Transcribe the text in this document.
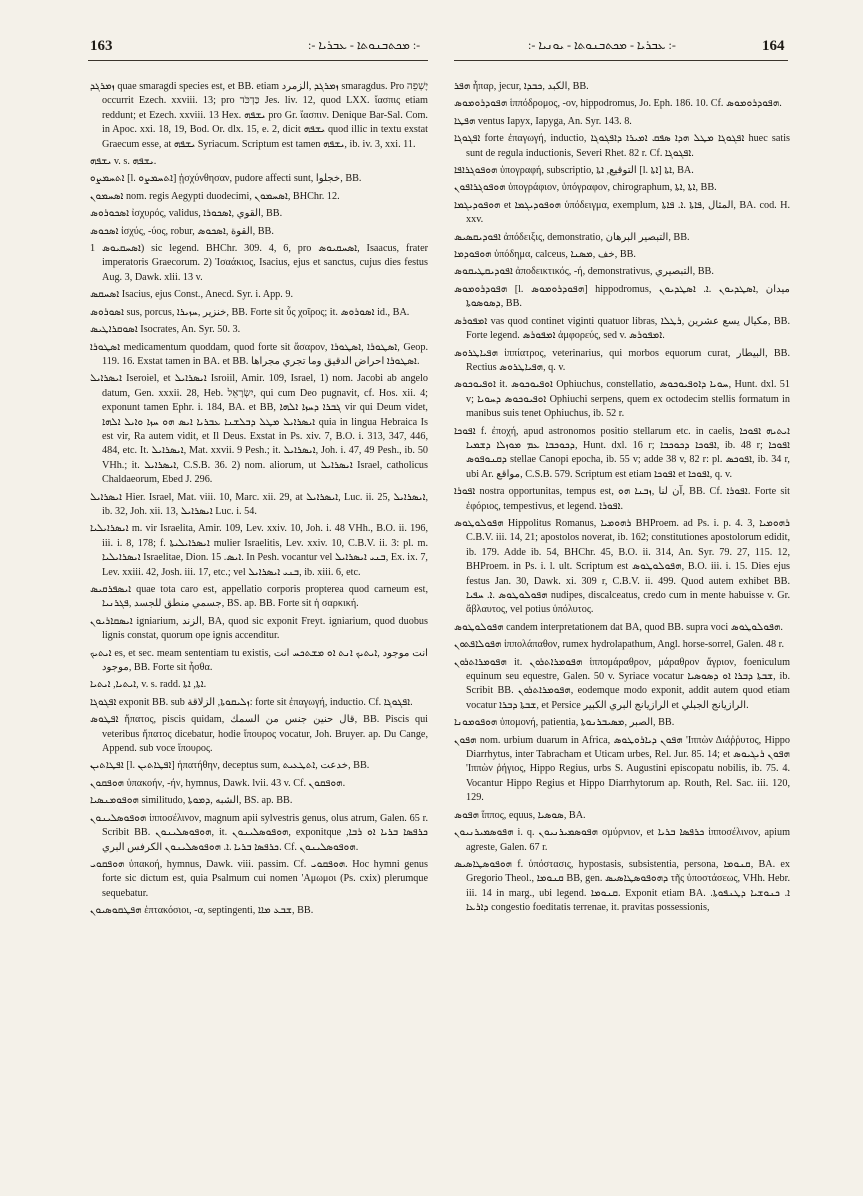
163	:- ܡܟܬܒܢܘܬܐ - ܥܒܪܝܐ :-	:- ܥܒܪܝܐ - ܡܟܬܒܢܘܬܐ - ܝܘܢܝܐ :-	164

ܙܡܪܓܕ quae smaragdi species est, et BB. etiam ܙܡܪܓܕ ,الزمرد smaragdus. Pro ‏יָשְׁפֵה‎ occurrit Ezech. xxviii. 13; pro ‏כַּדְכֹּד‎ Jes. liv. 12, quod LXX. ἴασπις etiam reddunt; et Ezech. xxviii. 13 Hex. ܝܫܦܗ pro Gr. ἴασπιν. Denique Bar-Sal. Com. in Apoc. xxi. 18, 19, Bod. Or. dlx. 15, e. 2, dicit ܝܫܦܗ quod illic in textu exstat Graecum esse, at ܝܫܦܗ Syriacum. Scriptum est tamen ܝܫܦܗ, ib. iv. 3, xxi. 11.

ܝܫܦܗ v. s. ܝܫܦܗ.

ܐܬܚܡܨܘ [l. ܐܬܚܡܨܘ] ᾐσχύνθησαν, pudore affecti sunt, خجلوا, BB.

ܐܣܚܡܘܢ nom. regis Aegypti duodecimi, ܐܣܚܡܘܢ, BHChr. 12.

ܐܣܟܘܪܘܣ ἰσχυρός, validus, القوي ,ܐܣܟܘܪܐ, BB.

ܐܣܟܘܣ ἰσχύς, -ύος, robur, القوة ,ܐܣܟܘܣ, BB.

ܐܣܚܩܝܘܣ 1) sic legend. BHChr. 309. 4, 6, pro ܐܣܚܩܝܘܣ, Isaacus, frater imperatoris Graecorum. 2) Ἰσαάκιος, Isacius, ejus et sanctus, cujus dies festus Aug. 3, Dawk. xlii. 13 v.

ܐܣܚܩܣ Isacius, ejus Const., Anecd. Syr. i. App. 9.

ܐܣܘܪܘܣ sus, porcus, خنزير ,ܚܙܝܪܐ, BB. Forte sit ὗς χοῖρος; it. ܐܣܘܪܘܣ id., BA.

ܐܣܘܩܪܐܛܝܣ Isocrates, An. Syr. 50. 3.

ܐܣܛܘܪܐ medicamentum quoddam, quod forte sit ἄσαρον, ܐܣܛܘܪܐ ,ܐܣܛܘܪܐ, Geop. 119. 16. Exstat tamen in BA. et BB. ܐܣܛܘܪܐ احراض الدقيق وما تجري مجراها.

ܐܝܣܪܐܝܠ Iseroiel, et ܐܝܣܪܐܝܠ Isroiil, Amir. 109, Israel, 1) nom. Jacobi ab angelo datum, Gen. xxxii. 28, Heb. ‏יִשְׂרָאֵל‎, qui cum Deo pugnavit, cf. Hos. xii. 4; exponunt tamen Ephr. i. 184, BA. et BB, ܓܒܪܐ ܕܚܙܐ ܐܠܗܐ vir qui Deum videt, ܐܝܣܪܐܝܠ ܡܛܠ ܕܒܠܫܢܐ ܥܒܪܝܐ ܐܝܣ ܗܘ ܚܙܐ ܘܐܝܠ ܐܠܗܐ quia in lingua Hebraica Is est vir, Ra autem vidit, et Il Deus. Exstat in Ps. xiv. 7, B.O. i. 313, 347, 446, 484, etc. It. ܐܝܣܪܐܝܠ, Mat. xxvii. 9 Pesh.; it. ܐܝܣܪܐܝܠ, Joh. i. 47, 49 Pesh., ib. 50 VHh.; it. ܐܝܣܪܐܝܠ, C.S.B. 36. 2) nom. aliorum, ut ܐܝܣܪܐܝܠ Israel, catholicus Chaldaeorum, Ebed J. 296.

ܐܝܣܪܐܝܠ Hier. Israel, Mat. viii. 10, Marc. xii. 29, at ܐܝܣܪܐܝܠ, Luc. ii. 25, ܐܝܣܪܐܝܠ, ib. 32, Joh. xii. 13, ܐܝܣܪܐܝܠ Luc. i. 54.

ܐܝܣܪܐܝܠܝܐ m. vir Israelita, Amir. 109, Lev. xxiv. 10, Joh. i. 48 VHh., B.O. ii. 196, iii. i. 8, 178; f. ܐܝܣܪܐܝܠܝܬܐ mulier Israelitis, Lev. xxiv. 10, C.B.V. ii. 3: pl. m. ܐܝܣܪܐܝܠܝܐ Israelitae, Dion. ܐܝܣ. 15. In Pesh. vocantur vel ܒܢܝ ܐܝܣܪܐܝܠ, Ex. ix. 7, Lev. xxiii. 42, Josh. iii. 17, etc.; vel ܒܢܝ ܐܝܣܪܐܝܠ, ib. xiii. 6, etc.

ܐܝܣܦܪܩܝܣ quae tota caro est, appellatio corporis propterea quod carneum est, جسمي منطق للجسد ,ܦܓܪܢܝܐ, BS. ap. BB. Forte sit ἡ σαρκική.

ܐܝܣܩܐܪܝܘܢ igniarium, الزند, BA, quod sic exponit Freyt. igniarium, quod duobus lignis constat, quorum ope ignis accenditur.

ܐܝܬܝܟ es, et sec. meam sententiam tu existis, انت موجود ,ܐܝܬܝܟ ܐܢܬ ܐܘ ܡܫܬܟܚ انت موجود, BB. Forte sit ἦσθα.

ܐܝܬܝܐ, ܐܝܬܝܐ, v. s. radd. ܐܬܐ, ܐܬܐ.

ܐܦܓܘܓܐ exponit BB. sub ܙܠܝܩܘܬܐ, الزلاقة: forte sit ἐπαγωγή, inductio. Cf. ܐܦܓܘܓܐ.

ܐܦܛܘܣ ἥπατος, piscis quidam, قال حنين جنس من السمك, BB. Piscis qui veteribus ἥπατος dicebatur, hodie ἵπουρος vocatur, Joh. Bruyer. ap. Du Cange, Append. sub voce ἵπουρος.

ܐܦܛܐܬܝܢ [l. ܐܦܛܐܬܝܢ] ἡπατήθην, deceptus sum, خدعت ,ܐܬܛܥܝܬ, BB.

ܗܘܦܩܘܢ ὑπακοήν, -ήν, hymnus, Dawk. lvii. 43 v. Cf. ܗܘܦܩܘܢ.

ܗܘܦܘܡܢܣܝܐ similitudo, الشبه ,ܕܡܘܬܐ, BS. ap. BB.

ܗܘܦܘܣܠܝܢܘܢ ἱπποσέλινον, magnum apii sylvestris genus, olus atrum, Galen. 65 r. Scribit BB. ܗܘܦܘܣܠܝܢܘܢ, it. ܗܘܦܘܣܠܝܢܘܢ, exponitque ܟܪܦܣܐ ܒܪܝܐ ܐܘ ܪܒܐ, ܟܪܦܣܐ ܒܪܝܐ .ܐ. ܗܘܦܘܣܠܝܢܘܢ الكرفس البري. Cf. ܗܘܦܘܣܠܝܢܘܢ.

ܗܘܦܩܘܝ ὑπακοή, hymnus, Dawk. viii. passim. Cf. ܗܘܦܩܘܝ. Hoc hymni genus forte sic dictum est, quia Psalmum cui nomen 'Αμωμοι (Ps. cxix) plerumque sequebatur.

ܗܦܛܩܘܣܝܘܢ ἑπτακόσιοι, -α, septingenti, ܫܒܥ ܡܐܐ, BB.

ܗܦܪ ἧπαρ, jecur, الكبد ,ܟܒܕܐ, BB.

ܗܦܘܕܪܘܡܘܣ ἱππόδρομος, -ov, hippodromus, Jo. Eph. 186. 10. Cf. ܗܦܘܕܪܘܡܘܣ.

ܗܦܛܐ ventus Iapyx, Iapyga, An. Syr. 143. 8.

ܐܦܓܘܓܐ forte ἐπαγωγή, inductio, ܐܦܓܘܓܐ ܡܛܠ ܗܕܐ ܣܦܩ ܐܡܝܪܐ ܕܐܦܓܘܓܐ huec satis sunt de regula inductionis, Severi Rhet. 82 r. Cf. ܐܦܓܘܓܐ.

ܗܘܦܘܓܪܐܦܐ ὑπογραφή, subscriptio, التوقيع, ܐܬܐ [l. ܐܬܐ] ܐܬܐ, BA.

ܗܘܦܘܓܪܐܦܘܢ ὑπογράφιον, ὑπόγραφον, chirographum, ܐܬܐ ,ܐܬܐ, BB.

ܗܘܦܘܕܝܓܡܐ et ܗܘܦܘܕܝܓܡܐ ὑπόδειγμα, exemplum, المثال ,ܦܐܬܐ .ܐ. ܦܐܬܐ, BA. cod. H. xxv.

ܐܦܘܕܝܩܣܝܣ ἀπόδειξις, demonstratio, التبصير البرهان, BB.

ܗܘܦܘܕܡܐ ὑπόδημα, calceus, خف ,ܡܣܢܐ, BB.

ܐܦܘܕܝܩܛܝܩܘܣ ἀποδεικτικός, -ή, demonstrativus, التبصيري, BB.

ܗܦܘܕܪܘܡܘܣ [l. ܗܦܘܕܪܘܡܘܣ] hippodromus, ميدان ,ܐܣܛܕܝܘܢ .ܐ. ܐܣܛܕܝܘܢ ܕܣܘܣܘܬܐ, BB.

ܐܡܦܘܪܣ vas quod continet viginti quatuor libras, مكيال يسع عشرين ,ܪܛܠܐ, BB. Forte legend. ܐܡܦܘܪܣ ἀμφορεύς, sed v. ܐܡܦܘܪܣ.

ܗܦܝܐܛܪܘܣ ἱππίατρος, veterinarius, qui morbos equorum curat, البيطار, BB. Rectius ܗܦܝܐܛܪܘܣ, q. v.

ܐܘܦܝܘܟܘܣ it. ܐܘܦܝܘܟܘܣ Ophiuchus, constellatio, ܚܘܝܐ ܕܐܘܦܝܘܟܘܣ, Hunt. dxl. 51 v; ܐܘܦܝܘܟܘܣ ܕܚܘܝܐ Ophiuchi serpens, quem ex octodecim stellis formatum in manibus suis tenet Ophiuchus, ib. 52 r.

ܐܦܘܟܐ f. ἐποχή, apud astronomos positio stellarum etc. in caelis, ܐܝܬܝܗ ܐܦܘܟܐ ܕܟܘܟܒܐ ܥܡ ܡܘܙܠܐ ܕܫܡܝܐ, Hunt. dxl. 16 r; ܐܦܘܟܐ ܕܟܘܟܒܐ, ib. 48 r; ܐܦܘܟܐ ܕܩܢܘܦܘܣ stellae Canopi epocha, ib. 55 v; adde 38 v, 82 r: pl. ܐܦܘܟܣ, ib. 34 r, ubi Ar. مواقع, C.S.B. 579. Scriptum est etiam ܐܦܘܟܐ et ܐܦܘܟܐ, q. v.

ܐܦܘܪܐ nostra opportunitas, tempus est, آن لنا ,ܙܒܢܐ ܗܘ, BB. Cf. ܐܦܘܪܐ. Forte sit ἐφόριος, tempestivus, et legend. ܐܦܘܪܐ.

ܗܦܘܠܘܛܘܣ Hippolitus Romanus, ܪܗܘܡܝܐ BHProem. ad Ps. i. p. 4. 3, ܪܗܘܡܝܐ C.B.V. iii. 14, 21; apostolos noverat, ib. 162; constitutiones apostolorum edidit, ib. 179. Adde ib. 54, BHChr. 45, B.O. ii. 314, An. Syr. 79. 27, 115. 12, BHProem. in Ps. i. l. ult. Scriptum est ܗܦܘܠܘܛܘܣ, B.O. iii. i. 15. Dies ejus festus Jan. 30, Dawk. xi. 309 r, C.B.V. ii. 499. Quod autem exhibet BB. ܗܦܘܠܘܛܘܣ .ܐ. ܚܦܝܐ nudipes, discalceatus, credo cum in mente habuisse v. Gr. ἄβλαυτος, vel potius ὑπόλυτος.

ܗܦܘܠܘܛܘܣ candem interpretationem dat BA, quod BB. supra voci ܗܦܘܠܘܛܘܣ.

ܗܦܘܠܐܦܬܘܢ ἱππολάπαθον, rumex hydrolapathum, Angl. horse-sorrel, Galen. 48 r.

ܗܦܘܡܪܐܬܪܘܢ it. ܗܦܘܡܪܐܬܪܘܢ ἱππομάραθρον, μάραθρον ἄγριον, foeniculum equinum seu equestre, Galen. 50 v. Syriace vocatur ܫܒܬܐ ܕܒܪܐ ܐܘ ܕܣܘܣܝܐ, ib. Scribit BB. ܗܦܘܡܪܐܬܪܘܢ, eodemque modo exponit, addit autem quod etiam vocatur ܫܒܬܐ ܕܒܪܐ, et Persice الرازيانج البري الكبير et الرازيانج الجبلي.

ܗܘܦܘܡܘܢܐ ὑπομονή, patientia, الصبر ,ܡܣܝܒܪܢܘܬܐ, BB.

ܗܦܘܢ nom. urbium duarum in Africa, ܗܦܘܢ ܕܝܐܪܘܛܘܣ 'Ιππὼν Διάῤῥυτος, Hippo Diarrhytus, inter Tabracham et Uticam urbes, Rel. Jur. 85. 14; et ܗܦܘܢ ܪܝܓܝܘܣ 'Ιππὼν ῥήγιος, Hippo Regius, urbs S. Augustini episcopatu nobilis, ib. 75. 4. Vocantur Hippo Regius et Hippo Diarrhytorum ap. Routh, Rel. Sac. iii. 120, 129.

ܗܦܘܣ ἵππος, equus, ܣܘܣܝܐ, BA.

ܗܦܘܣܡܝܪܢܝܘܢ i. q. ܗܦܘܣܡܝܪܢܝܘܢ σμύρνιον, et ܟܪܦܣܐ ܒܪܝܐ ἱπποσέλινον, apium agreste, Galen. 67 r.

ܗܘܦܘܣܛܐܣܝܣ f. ὑπόστασις, hypostasis, subsistentia, persona, ܩܢܘܡܐ, BA. ex Gregorio Theol., ܩܢܘܡܐ BB, gen. ܕܗܘܦܘܣܛܐܣܝܣ τῆς ὑποστάσεως, VHh. Hebr. iii. 14 in marg., ubi legend. ܩܢܘܡܐ. Exponit etiam BA. .ܐ. ܟܢܘܫܝܐ ܕܛܢܦܘܬܐ ܕܐܪܥܐ congestio foeditatis terrenae, it. pravitas possessionis,
